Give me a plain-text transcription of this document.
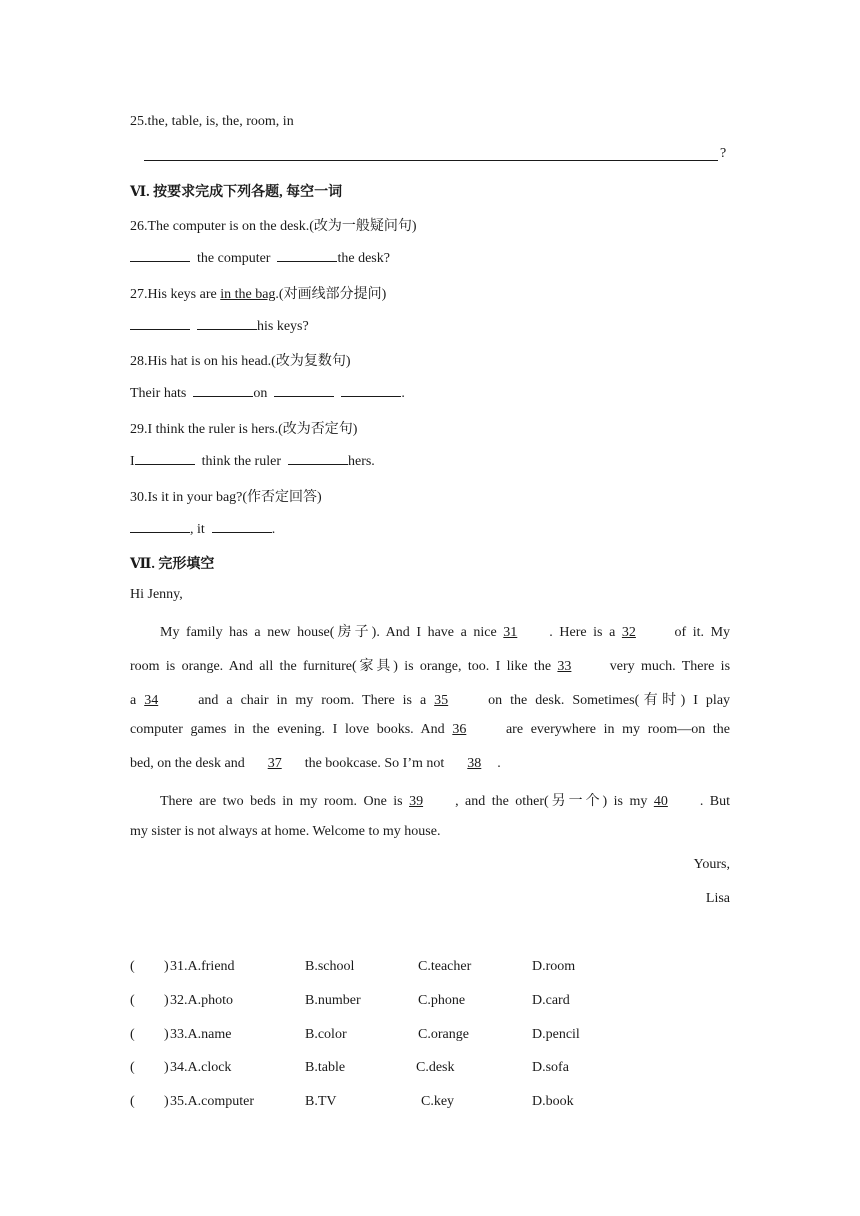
25.the, table, is, the, room, in
?
Ⅵ. 按要求完成下列各题, 每空一词
26.The computer is on the desk.(改为一般疑问句)
the computer	the desk?
27.His keys are in the bag.(对画线部分提问)
his keys?
28.His hat is on his head.(改为复数句)
Their hats	on	.
29.I think the ruler is hers.(改为否定句)
I	think the ruler	hers.
30.Is it in your bag?(作否定回答)
, it	.
Ⅶ. 完形填空
Hi Jenny,
My family has a new house(房子). And I have a nice 31 . Here is a 32	of it. My
room is orange. And all the furniture(家具) is orange, too. I like the 33	very much. There is
a 34	and a chair in my room. There is a 35	on the desk. Sometimes(有时) I play
computer games in the evening. I love books. And 36	are everywhere in my room—on the
bed, on the desk and 37 the bookcase. So I’m not 38 .
There are two beds in my room. One is 39 , and the other(另一个) is my 40 . But
my sister is not always at home. Welcome to my house.
Yours,
Lisa
( ) 31.A.friend	B.school	C.teacher	D.room
( ) 32.A.photo	B.number	C.phone	D.card
( ) 33.A.name	B.color	C.orange	D.pencil
( ) 34.A.clock	B.table	C.desk	D.sofa
( ) 35.A.computer	B.TV	C.key	D.book
